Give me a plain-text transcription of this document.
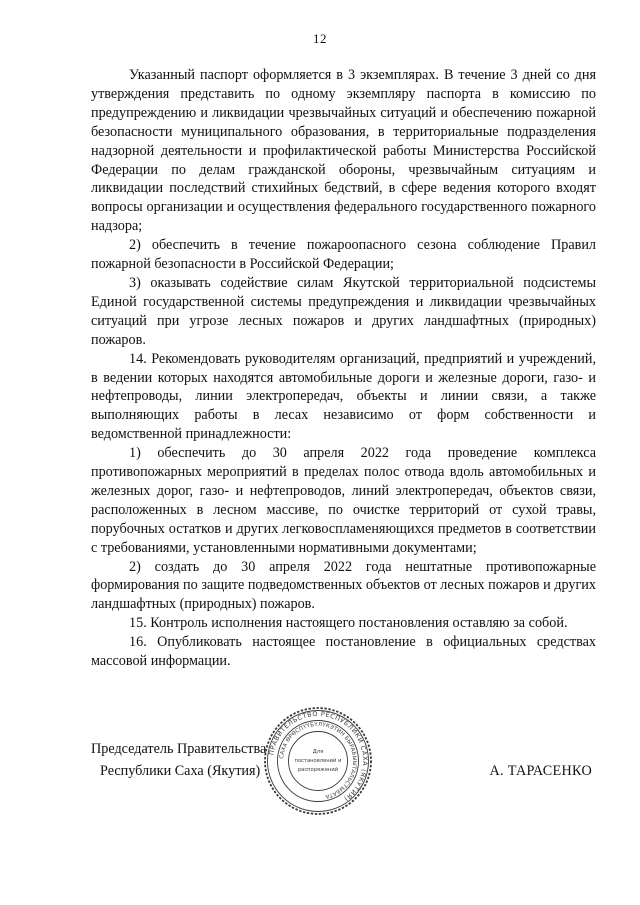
12

Указанный паспорт оформляется в 3 экземплярах. В течение 3 дней со дня утверждения представить по одному экземпляру паспорта в комиссию по предупреждению и ликвидации чрезвычайных ситуаций и обеспечению пожарной безопасности муниципального образования, в территориальные подразделения надзорной деятельности и профилактической работы Министерства Российской Федерации по делам гражданской обороны, чрезвычайным ситуациям и ликвидации последствий стихийных бедствий, в сфере ведения которого входят вопросы организации и осуществления федерального государственного пожарного надзора;

2) обеспечить в течение пожароопасного сезона соблюдение Правил пожарной безопасности в Российской Федерации;

3) оказывать содействие силам Якутской территориальной подсистемы Единой государственной системы предупреждения и ликвидации чрезвычайных ситуаций при угрозе лесных пожаров и других ландшафтных (природных) пожаров.

14. Рекомендовать руководителям организаций, предприятий и учреждений, в ведении которых находятся автомобильные дороги и железные дороги, газо- и нефтепроводы, линии электропередач, объекты и линии связи, а также выполняющих работы в лесах независимо от форм собственности и ведомственной принадлежности:

1) обеспечить до 30 апреля 2022 года проведение комплекса противопожарных мероприятий в пределах полос отвода вдоль автомобильных и железных дорог, газо- и нефтепроводов, линий электропередач, объектов связи, расположенных в лесном массиве, по очистке территорий от сухой травы, порубочных остатков и других легковоспламеняющихся предметов в соответствии с требованиями, установленными нормативными документами;

2) создать до 30 апреля 2022 года нештатные противопожарные формирования по защите подведомственных объектов от лесных пожаров и других ландшафтных (природных) пожаров.

15. Контроль исполнения настоящего постановления оставляю за собой.

16. Опубликовать настоящее постановление в официальных средствах массовой информации.

Председатель Правительства
Республики Саха (Якутия)	А. ТАРАСЕНКО
ПРАВИТЕЛЬСТВО РЕСПУБЛИКИ САХА (ЯКУТИЯ)
САХА ӨРӨСПҮҮБҮЛҮКЭТИН БЫРАБЫЫТАЛЬСТЫБАТА
Для
постановлений и
распоряжений
